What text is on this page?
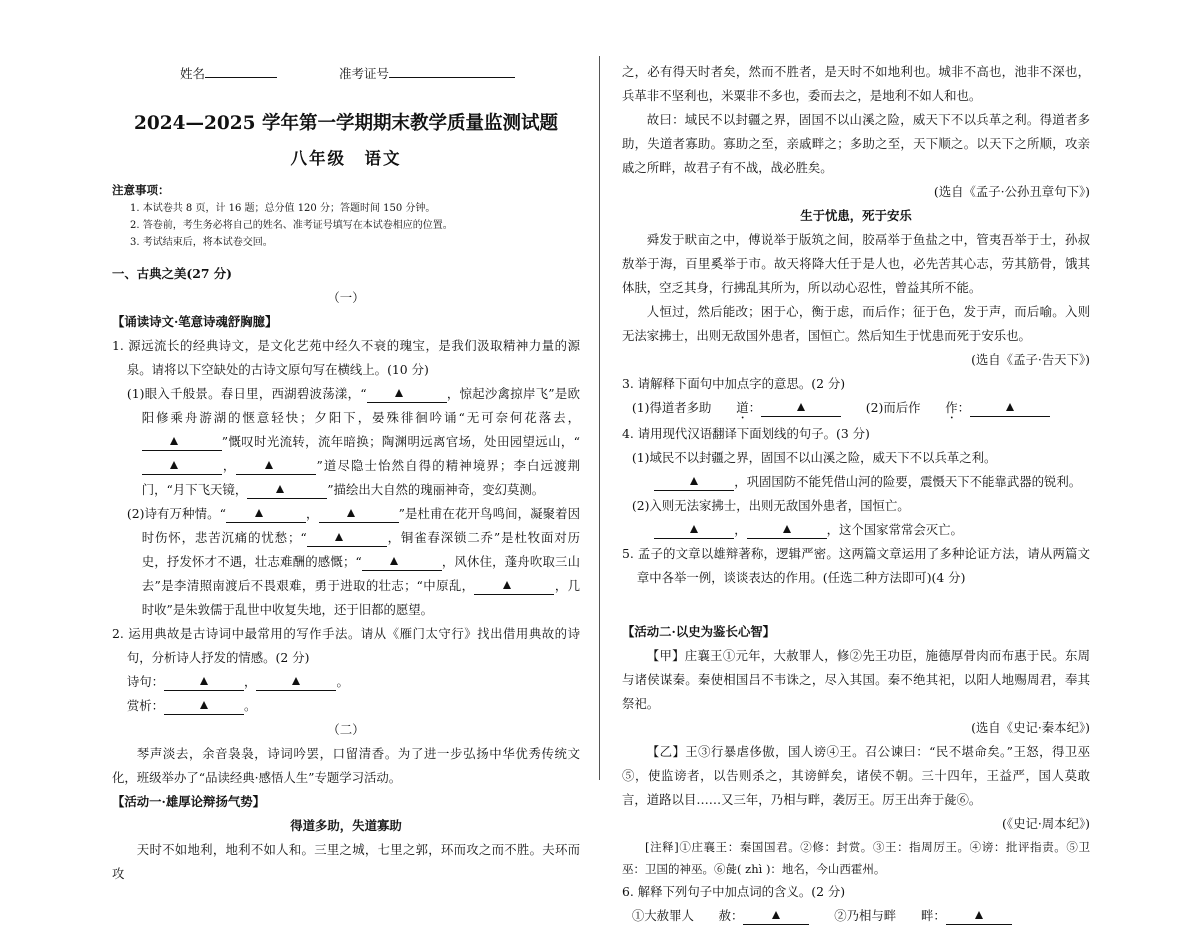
姓名	准考证号

2024—2025 学年第一学期期末教学质量监测试题

八年级　语文

注意事项：

1. 本试卷共 8 页，计 16 题；总分值 120 分；答题时间 150 分钟。

2. 答卷前，考生务必将自己的姓名、准考证号填写在本试卷相应的位置。

3. 考试结束后，将本试卷交回。

一、古典之美(27 分)

（一）

【诵读诗文·笔意诗魂舒胸臆】

1. 源远流长的经典诗文，是文化艺苑中经久不衰的瑰宝，是我们汲取精神力量的源泉。请将以下空缺处的古诗文原句写在横线上。(10 分)

(1)眼入千般景。春日里，西湖碧波荡漾，“	，惊起沙禽掠岸飞”是欧阳修乘舟游湖的惬意轻快；夕阳下，晏殊徘徊吟诵“无可奈何花落去，”慨叹时光流转，流年暗换；陶渊明远离官场，处田园望远山，“，	”道尽隐士怡然自得的精神境界；李白远渡荆门，“月下飞天镜，	”描绘出大自然的瑰丽神奇，变幻莫测。

(2)诗有万种情。“	，	”是杜甫在花开鸟鸣间，凝聚着因时伤怀，悲苦沉痛的忧愁；“	，铜雀春深锁二乔”是杜牧面对历史，抒发怀才不遇，壮志难酬的感慨；“	，风休住，蓬舟吹取三山去”是李清照南渡后不畏艰难，勇于进取的壮志；“中原乱，	，几时收”是朱敦儒于乱世中收复失地，还于旧都的愿望。

2. 运用典故是古诗词中最常用的写作手法。请从《雁门太守行》找出借用典故的诗句，分析诗人抒发的情感。(2 分)

诗句：	，	。

赏析：	。

（二）

琴声淡去，余音袅袅，诗词吟罢，口留清香。为了进一步弘扬中华优秀传统文化，班级举办了“品读经典·感悟人生”专题学习活动。

【活动一·雄厚论辩扬气势】

得道多助，失道寡助

天时不如地利，地利不如人和。三里之城，七里之郭，环而攻之而不胜。夫环而攻

之，必有得天时者矣，然而不胜者，是天时不如地利也。城非不高也，池非不深也，兵革非不坚利也，米粟非不多也，委而去之，是地利不如人和也。

故曰：域民不以封疆之界，固国不以山溪之险，威天下不以兵革之利。得道者多助，失道者寡助。寡助之至，亲戚畔之；多助之至，天下顺之。以天下之所顺，攻亲戚之所畔，故君子有不战，战必胜矣。

(选自《孟子·公孙丑章句下》)

生于忧患，死于安乐

舜发于畎亩之中，傅说举于版筑之间，胶鬲举于鱼盐之中，管夷吾举于士，孙叔敖举于海，百里奚举于市。故天将降大任于是人也，必先苦其心志，劳其筋骨，饿其体肤，空乏其身，行拂乱其所为，所以动心忍性，曾益其所不能。

人恒过，然后能改；困于心，衡于虑，而后作；征于色，发于声，而后喻。入则无法家拂士，出则无敌国外患者，国恒亡。然后知生于忧患而死于安乐也。

(选自《孟子·告天下》)

3. 请解释下面句中加点字的意思。(2 分)

(1)得道者多助　　 道：　　	(2)而后作　　 作：

4. 请用现代汉语翻译下面划线的句子。(3 分)

(1)域民不以封疆之界，固国不以山溪之险，威天下不以兵革之利。

，巩固国防不能凭借山河的险要，震慑天下不能靠武器的锐利。

(2)入则无法家拂士，出则无敌国外患者，国恒亡。

，	，这个国家常常会灭亡。

5. 孟子的文章以雄辩著称，逻辑严密。这两篇文章运用了多种论证方法，请从两篇文章中各举一例，谈谈表达的作用。(任选二种方法即可)(4 分)

【活动二·以史为鉴长心智】

【甲】庄襄王①元年，大赦罪人，修②先王功臣，施德厚骨肉而布惠于民。东周与诸侯谋秦。秦使相国吕不韦诛之，尽入其国。秦不绝其祀，以阳人地赐周君，奉其祭祀。

(选自《史记·秦本纪》)

【乙】王③行暴虐侈傲，国人谤④王。召公谏曰：“民不堪命矣。”王怒，得卫巫⑤，使监谤者，以告则杀之，其谤鲜矣，诸侯不朝。三十四年，王益严，国人莫敢言，道路以目……又三年，乃相与畔，袭厉王。厉王出奔于彘⑥。

(《史记·周本纪》)

[注释]①庄襄王：秦国国君。②修：封赏。③王：指周厉王。④谤：批评指责。⑤卫巫：卫国的神巫。⑥彘( zhì )：地名，今山西霍州。

6. 解释下列句子中加点词的含义。(2 分)

①大赦罪人　　 赦：　　	②乃相与畔　　 畔：
